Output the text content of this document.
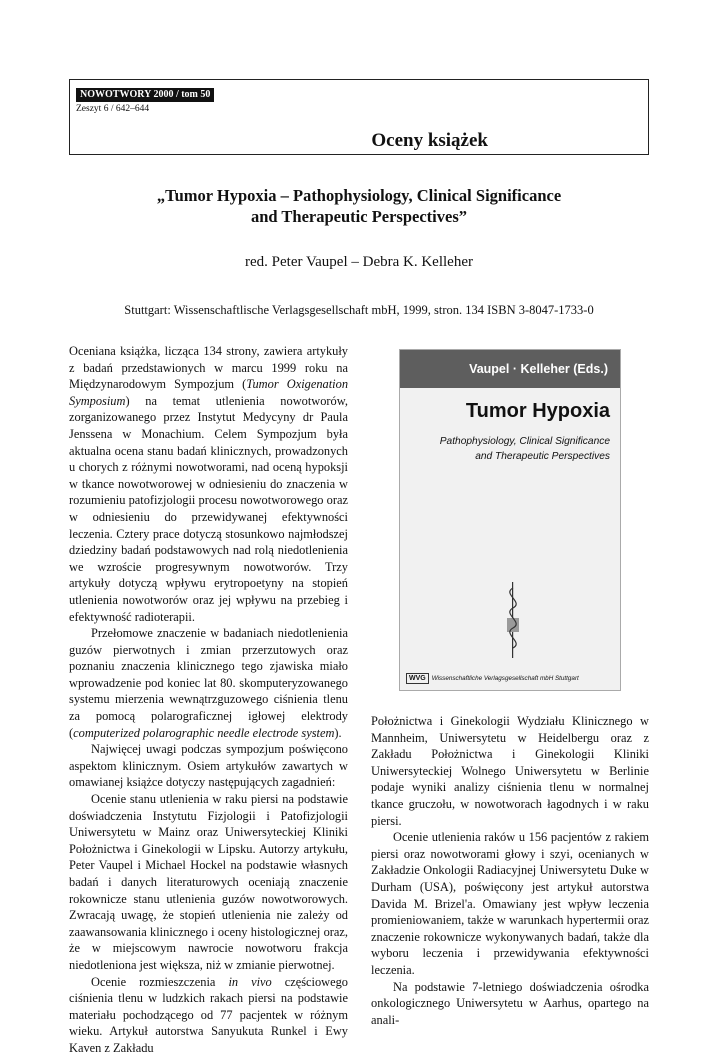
NOWOTWORY 2000 / tom 50
Zeszyt 6 / 642–644
Oceny książek
„Tumor Hypoxia – Pathophysiology, Clinical Significance
and Therapeutic Perspectives”
red. Peter Vaupel – Debra K. Kelleher
Stuttgart: Wissenschaftlische Verlagsgesellschaft mbH, 1999, stron. 134 ISBN 3-8047-1733-0

Oceniana książka, licząca 134 strony, zawiera artykuły z badań przedstawionych w marcu 1999 roku na Międzynarodowym Sympozjum (Tumor Oxigenation Symposium) na temat utlenienia nowotworów, zorganizowanego przez Instytut Medycyny dr Paula Jenssena w Monachium. Celem Sympozjum była aktualna ocena stanu badań klinicznych, prowadzonych u chorych z różnymi nowotworami, nad oceną hypoksji w tkance nowotworowej w odniesieniu do znaczenia w rozumieniu patofizjologii procesu nowotworowego oraz w odniesieniu do przewidywanej efektywności leczenia. Cztery prace dotyczą stosunkowo najmłodszej dziedziny badań podstawowych nad rolą niedotlenienia we wzroście progresywnym nowotworów. Trzy artykuły dotyczą wpływu erytropoetyny na stopień utlenienia nowotworów oraz jej wpływu na przebieg i efektywność radioterapii.

Przełomowe znaczenie w badaniach niedotlenienia guzów pierwotnych i zmian przerzutowych oraz poznaniu znaczenia klinicznego tego zjawiska miało wprowadzenie pod koniec lat 80. skomputeryzowanego systemu mierzenia wewnątrzguzowego ciśnienia tlenu za pomocą polarograficznej igłowej elektrody (computerized polarographic needle electrode system).

Najwięcej uwagi podczas sympozjum poświęcono aspektom klinicznym. Osiem artykułów zawartych w omawianej książce dotyczy następujących zagadnień:

Ocenie stanu utlenienia w raku piersi na podstawie doświadczenia Instytutu Fizjologii i Patofizjologii Uniwersytetu w Mainz oraz Uniwersyteckiej Kliniki Położnictwa i Ginekologii w Lipsku. Autorzy artykułu, Peter Vaupel i Michael Hockel na podstawie własnych badań i danych literaturowych oceniają znaczenie rokownicze stanu utlenienia guzów nowotworowych. Zwracają uwagę, że stopień utlenienia nie zależy od zaawansowania klinicznego i oceny histologicznej oraz, że w miejscowym nawrocie nowotworu frakcja niedotleniona jest większa, niż w zmianie pierwotnej.

Ocenie rozmieszczenia in vivo częściowego ciśnienia tlenu w ludzkich rakach piersi na podstawie materiału pochodzącego od 77 pacjentek w różnym wieku. Artykuł autorstwa Sanyukuta Runkel i Ewy Kaven z Zakładu

Vaupel · Kelleher (Eds.)
Tumor Hypoxia
Pathophysiology, Clinical Significance
and Therapeutic Perspectives
WVG Wissenschaftliche Verlagsgesellschaft mbH Stuttgart

Położnictwa i Ginekologii Wydziału Klinicznego w Mannheim, Uniwersytetu w Heidelbergu oraz z Zakładu Położnictwa i Ginekologii Kliniki Uniwersyteckiej Wolnego Uniwersytetu w Berlinie podaje wyniki analizy ciśnienia tlenu w normalnej tkance gruczołu, w nowotworach łagodnych i w raku piersi.

Ocenie utlenienia raków u 156 pacjentów z rakiem piersi oraz nowotworami głowy i szyi, ocenianych w Zakładzie Onkologii Radiacyjnej Uniwersytetu Duke w Durham (USA), poświęcony jest artykuł autorstwa Davida M. Brizel'a. Omawiany jest wpływ leczenia promieniowaniem, także w warunkach hypertermii oraz znaczenie rokownicze wykonywanych badań, także dla wyboru leczenia i przewidywania efektywności leczenia.

Na podstawie 7-letniego doświadczenia ośrodka onkologicznego Uniwersytetu w Aarhus, opartego na anali-
